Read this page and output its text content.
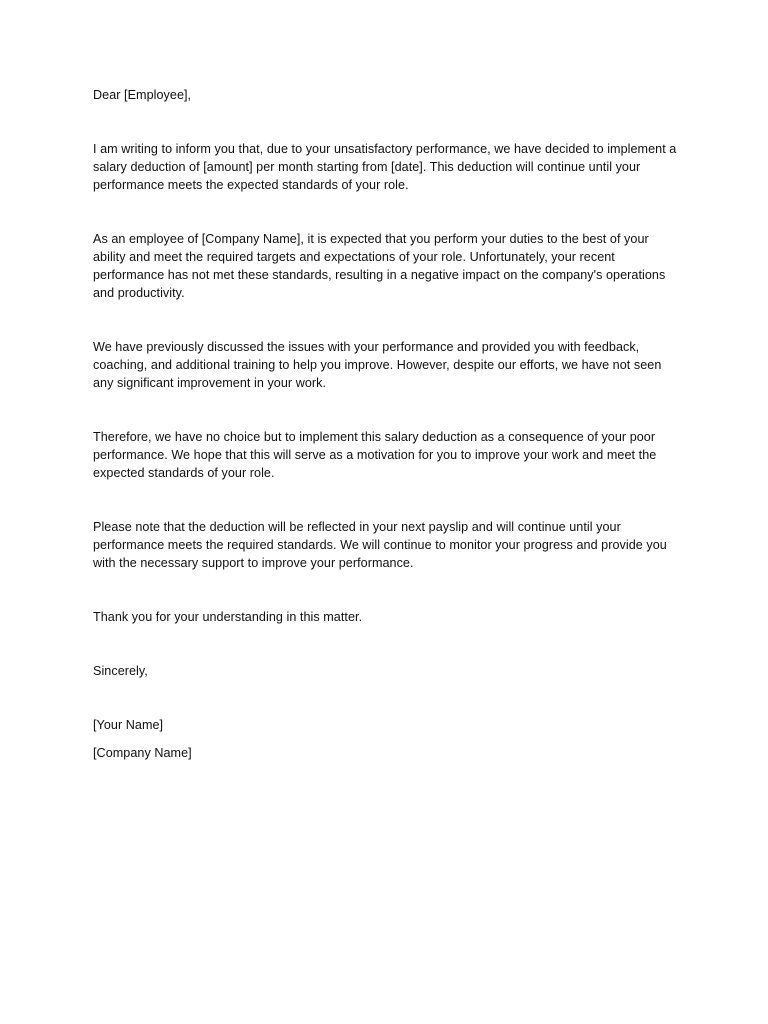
Dear [Employee],

I am writing to inform you that, due to your unsatisfactory performance, we have decided to implement a salary deduction of [amount] per month starting from [date]. This deduction will continue until your performance meets the expected standards of your role.

As an employee of [Company Name], it is expected that you perform your duties to the best of your ability and meet the required targets and expectations of your role. Unfortunately, your recent performance has not met these standards, resulting in a negative impact on the company's operations and productivity.

We have previously discussed the issues with your performance and provided you with feedback, coaching, and additional training to help you improve. However, despite our efforts, we have not seen any significant improvement in your work.

Therefore, we have no choice but to implement this salary deduction as a consequence of your poor performance. We hope that this will serve as a motivation for you to improve your work and meet the expected standards of your role.

Please note that the deduction will be reflected in your next payslip and will continue until your performance meets the required standards. We will continue to monitor your progress and provide you with the necessary support to improve your performance.

Thank you for your understanding in this matter.

Sincerely,

[Your Name]

[Company Name]
